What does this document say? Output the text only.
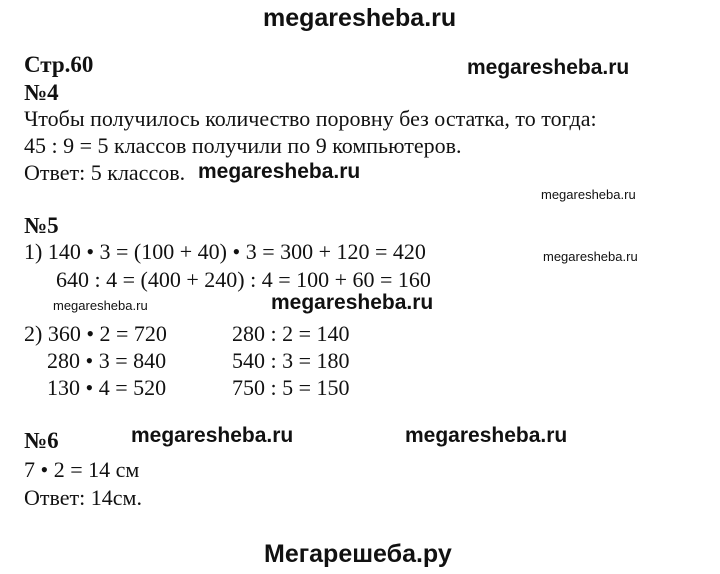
megaresheba.ru
megaresheba.ru
megaresheba.ru
megaresheba.ru
megaresheba.ru
megaresheba.ru	megaresheba.ru
megaresheba.ru	megaresheba.ru
Мегарешеба.ру
Стр.60
№4
Чтобы получилось количество поровну без остатка, то тогда:
45 : 9 = 5 классов получили по 9 компьютеров.
Ответ: 5 классов.
№5
1) 140 • 3 = (100 + 40) • 3 = 300 + 120 = 420
640 : 4 = (400 + 240) : 4 = 100 + 60 = 160
2) 360 • 2 = 720
280 • 3 = 840
130 • 4 = 520
280 : 2 = 140
540 : 3 = 180
750 : 5 = 150
№6
7 • 2 = 14 см
Ответ: 14см.
